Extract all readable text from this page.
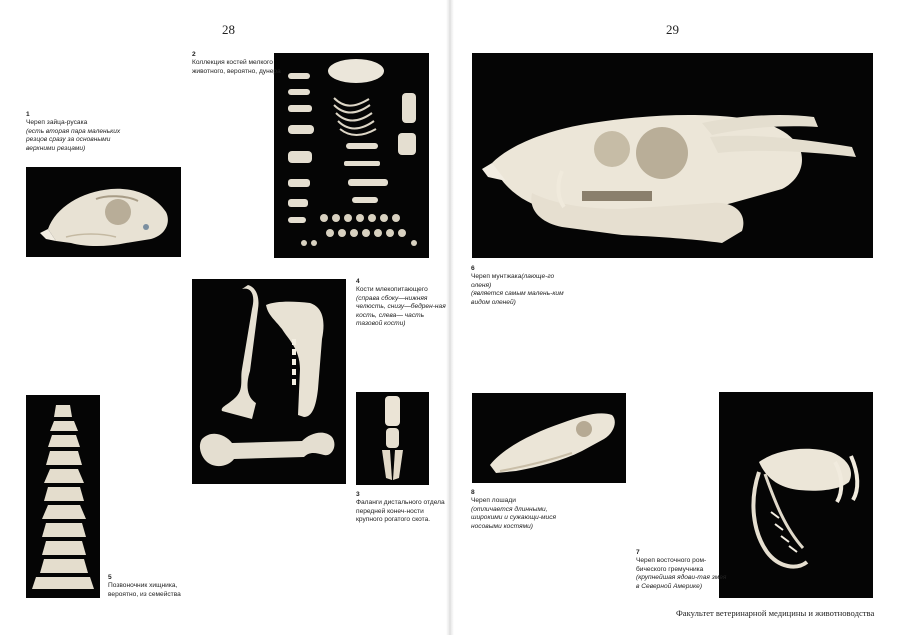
28	29
1
Череп зайца-русака
(есть вторая пара маленьких резцов сразу за основными верхними резцами)
2
Коллекция костей мелкого животного, вероятно, дунера
4
Кости млекопитающего
(справа сбоку—нижняя челюсть, снизу—бедрен-ная кость, слева— часть тазовой кости)
3
Фаланги дистального отдела передней конеч-ности крупного рогатого скота.
5
Позвоночник хищника, вероятно, из семейства
6
Череп мунтжака(лающе-го оленя)
(является самым малень-ким видом оленей)
8
Череп лошади
(отличается длинными, широкими и сужающи-мися носовыми костями)
7
Череп восточного ром-бического гремучника
(крупнейшая ядови-тая змея в Северной Америке)
Факультет ветеринарной медицины и животноводства
